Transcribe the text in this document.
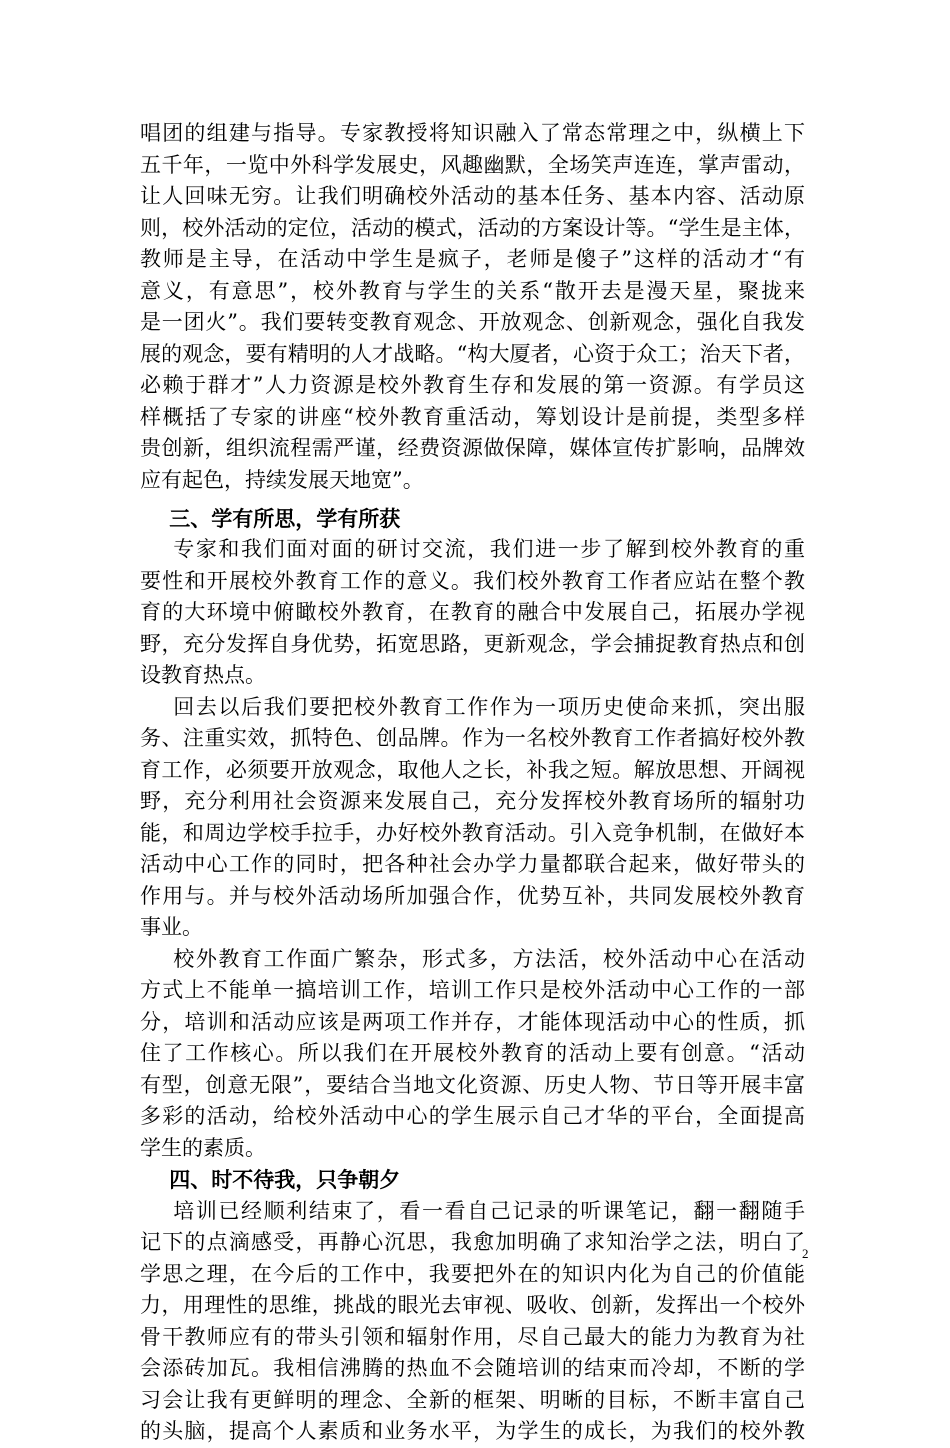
唱团的组建与指导。专家教授将知识融入了常态常理之中，纵横上下
五千年，一览中外科学发展史，风趣幽默，全场笑声连连，掌声雷动，
让人回味无穷。让我们明确校外活动的基本任务、基本内容、活动原
则，校外活动的定位，活动的模式，活动的方案设计等。“学生是主体，
教师是主导，在活动中学生是疯子，老师是傻子”这样的活动才“有
意义，有意思”，校外教育与学生的关系“散开去是漫天星，聚拢来
是一团火”。我们要转变教育观念、开放观念、创新观念，强化自我发
展的观念，要有精明的人才战略。“构大厦者，心资于众工；治天下者，
必赖于群才”人力资源是校外教育生存和发展的第一资源。有学员这
样概括了专家的讲座“校外教育重活动，筹划设计是前提，类型多样
贵创新，组织流程需严谨，经费资源做保障，媒体宣传扩影响，品牌效
应有起色，持续发展天地宽”。
三、学有所思，学有所获
专家和我们面对面的研讨交流，我们进一步了解到校外教育的重
要性和开展校外教育工作的意义。我们校外教育工作者应站在整个教
育的大环境中俯瞰校外教育，在教育的融合中发展自己，拓展办学视
野，充分发挥自身优势，拓宽思路，更新观念，学会捕捉教育热点和创
设教育热点。
回去以后我们要把校外教育工作作为一项历史使命来抓，突出服
务、注重实效，抓特色、创品牌。作为一名校外教育工作者搞好校外教
育工作，必须要开放观念，取他人之长，补我之短。解放思想、开阔视
野，充分利用社会资源来发展自己，充分发挥校外教育场所的辐射功
能，和周边学校手拉手，办好校外教育活动。引入竞争机制，在做好本
活动中心工作的同时，把各种社会办学力量都联合起来，做好带头的
作用与。并与校外活动场所加强合作，优势互补，共同发展校外教育
事业。
校外教育工作面广繁杂，形式多，方法活，校外活动中心在活动
方式上不能单一搞培训工作，培训工作只是校外活动中心工作的一部
分，培训和活动应该是两项工作并存，才能体现活动中心的性质，抓
住了工作核心。所以我们在开展校外教育的活动上要有创意。“活动
有型，创意无限”，要结合当地文化资源、历史人物、节日等开展丰富
多彩的活动，给校外活动中心的学生展示自己才华的平台，全面提高
学生的素质。
四、时不待我，只争朝夕
培训已经顺利结束了，看一看自己记录的听课笔记，翻一翻随手
记下的点滴感受，再静心沉思，我愈加明确了求知治学之法，明白了
学思之理，在今后的工作中，我要把外在的知识内化为自己的价值能
力，用理性的思维，挑战的眼光去审视、吸收、创新，发挥出一个校外
骨干教师应有的带头引领和辐射作用，尽自己最大的能力为教育为社
会添砖加瓦。我相信沸腾的热血不会随培训的结束而冷却，不断的学
习会让我有更鲜明的理念、全新的框架、明晰的目标，不断丰富自己
的头脑，提高个人素质和业务水平，为学生的成长，为我们的校外教
2
